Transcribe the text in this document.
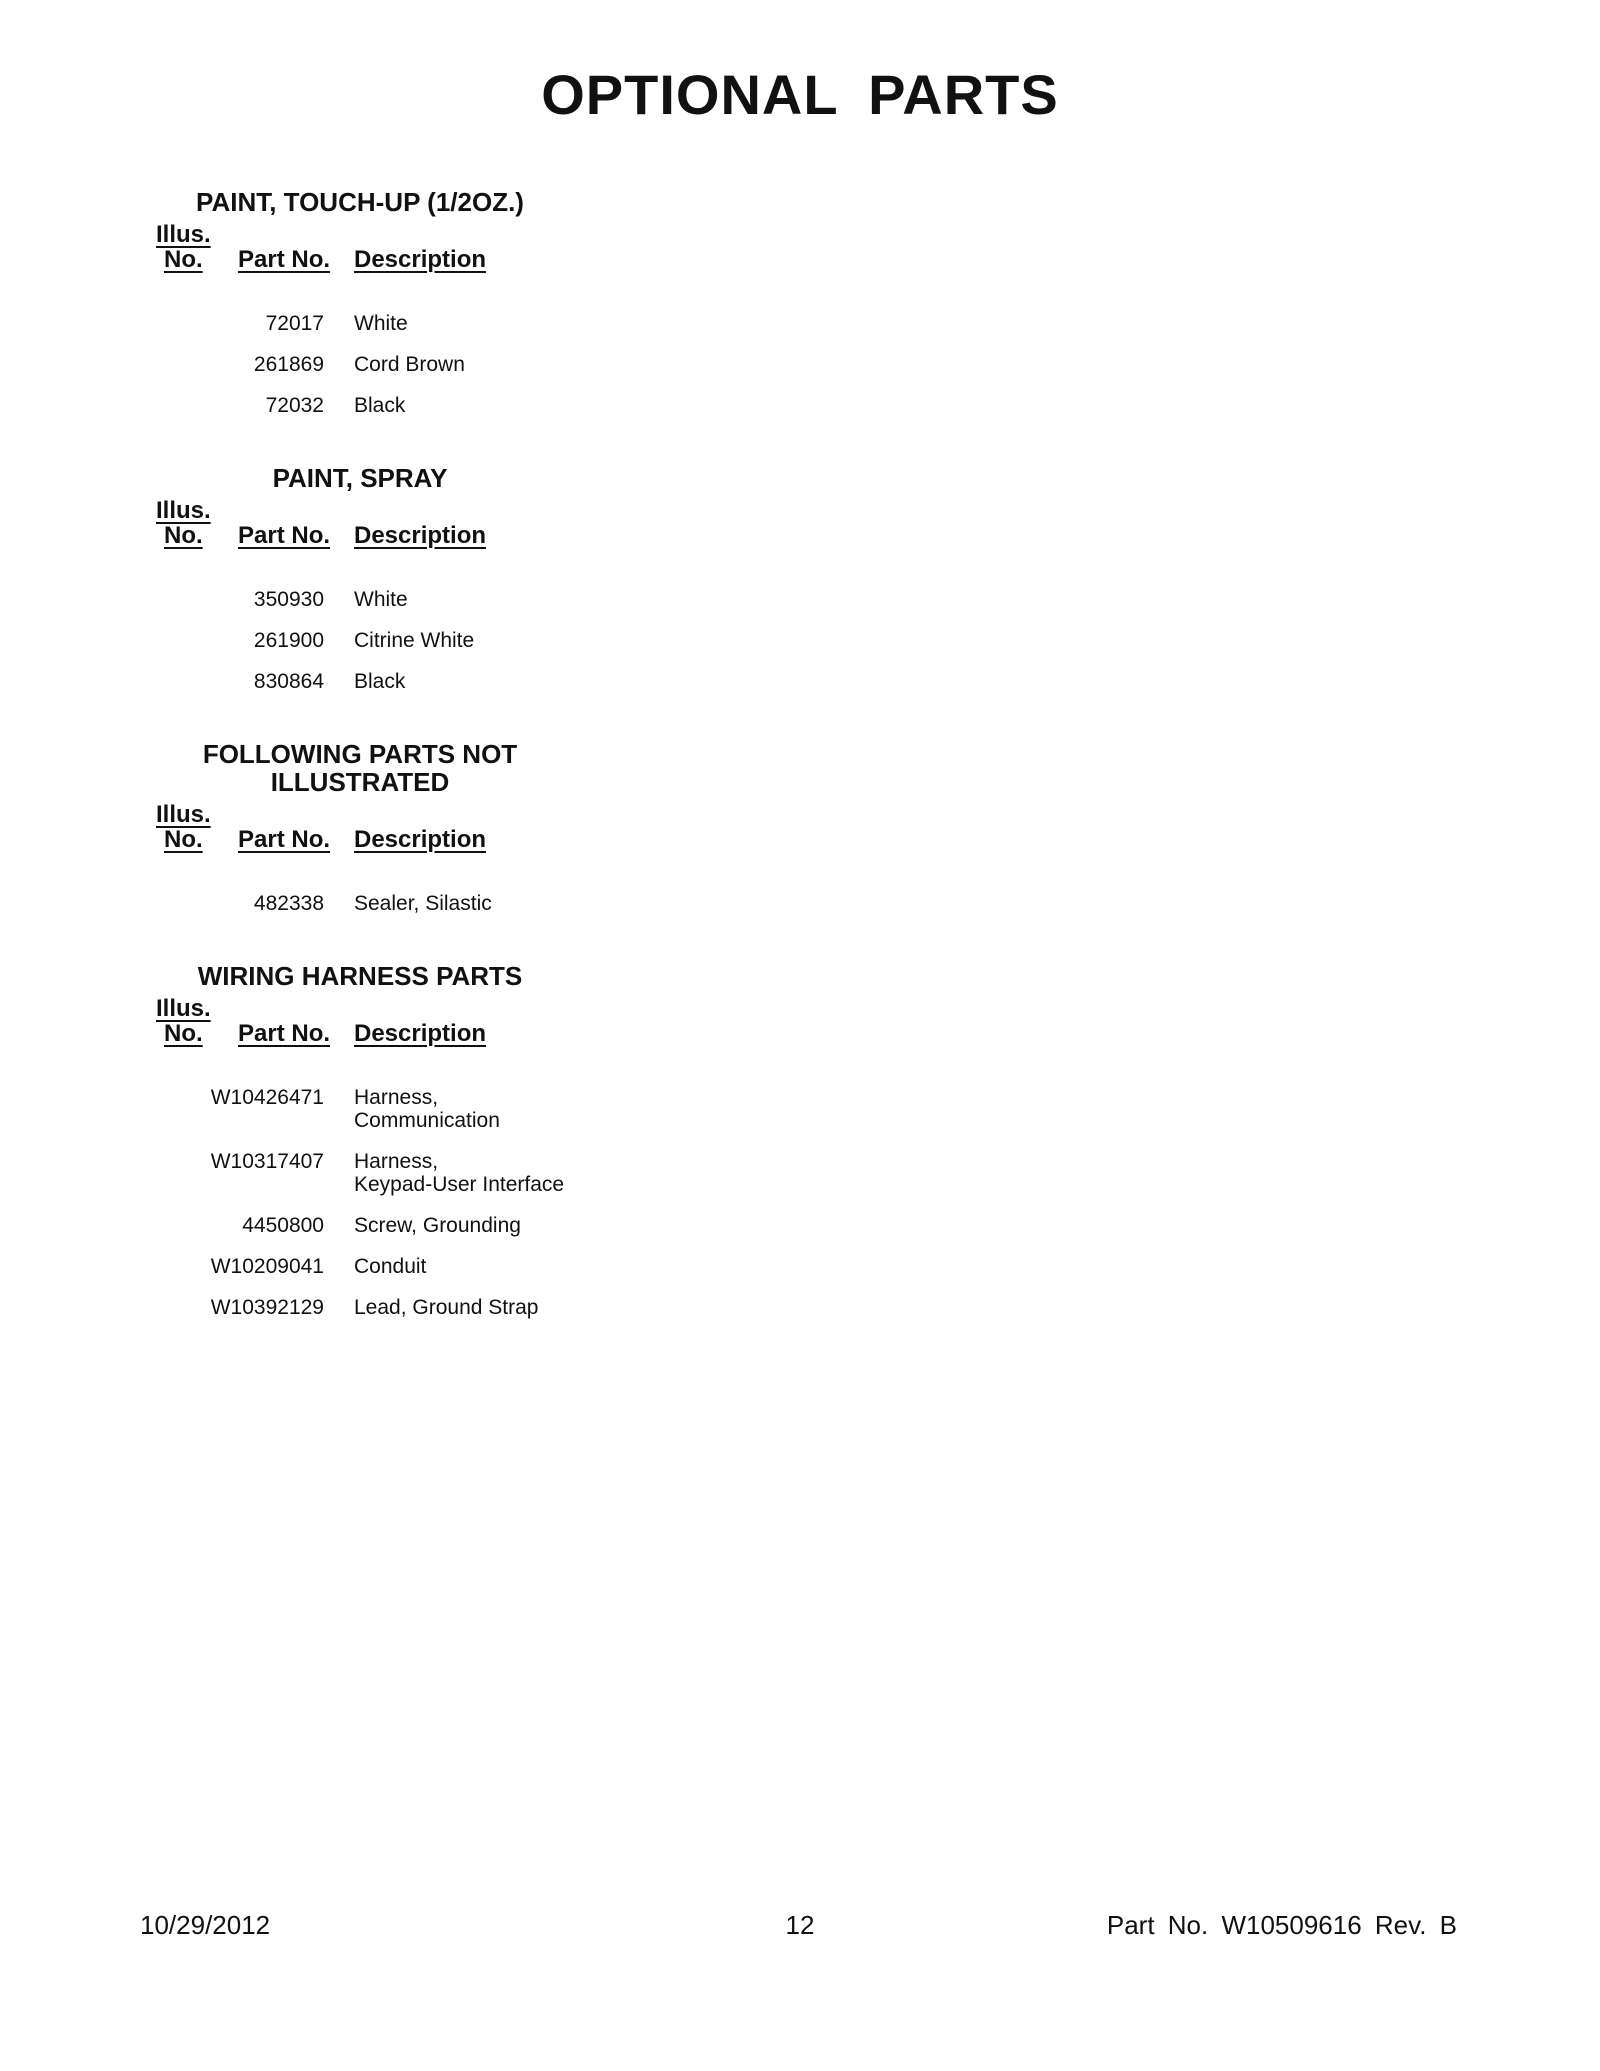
OPTIONAL PARTS

PAINT, TOUCH-UP (1/2OZ.)

Illus.
No. Part No. Description
72017 White
261869 Cord Brown
72032 Black

PAINT, SPRAY

Illus.
No. Part No. Description
350930 White
261900 Citrine White
830864 Black

FOLLOWING PARTS NOT ILLUSTRATED

Illus.
No. Part No. Description
482338 Sealer, Silastic

WIRING HARNESS PARTS

Illus.
No. Part No. Description
W10426471 Harness,
Communication
W10317407 Harness,
Keypad-User Interface
4450800 Screw, Grounding
W10209041 Conduit
W10392129 Lead, Ground Strap
10/29/2012	12	Part No. W10509616 Rev. B
